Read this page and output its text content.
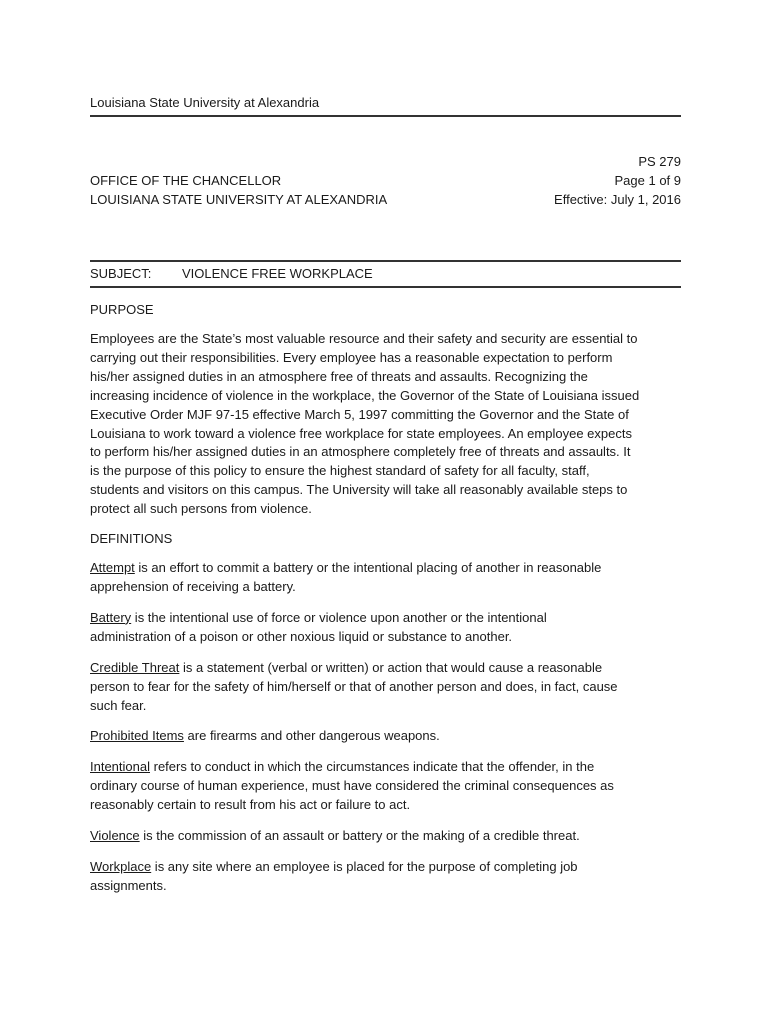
Louisiana State University at Alexandria
OFFICE OF THE CHANCELLOR
LOUISIANA STATE UNIVERSITY AT ALEXANDRIA
PS 279
Page 1 of 9
Effective: July 1, 2016
SUBJECT:	VIOLENCE FREE WORKPLACE
PURPOSE
Employees are the State’s most valuable resource and their safety and security are essential to
carrying out their responsibilities. Every employee has a reasonable expectation to perform
his/her assigned duties in an atmosphere free of threats and assaults. Recognizing the
increasing incidence of violence in the workplace, the Governor of the State of Louisiana issued
Executive Order MJF 97-15 effective March 5, 1997 committing the Governor and the State of
Louisiana to work toward a violence free workplace for state employees. An employee expects
to perform his/her assigned duties in an atmosphere completely free of threats and assaults. It
is the purpose of this policy to ensure the highest standard of safety for all faculty, staff,
students and visitors on this campus. The University will take all reasonably available steps to
protect all such persons from violence.
DEFINITIONS
Attempt is an effort to commit a battery or the intentional placing of another in reasonable
apprehension of receiving a battery.
Battery is the intentional use of force or violence upon another or the intentional
administration of a poison or other noxious liquid or substance to another.
Credible Threat is a statement (verbal or written) or action that would cause a reasonable
person to fear for the safety of him/herself or that of another person and does, in fact, cause
such fear.
Prohibited Items are firearms and other dangerous weapons.
Intentional refers to conduct in which the circumstances indicate that the offender, in the
ordinary course of human experience, must have considered the criminal consequences as
reasonably certain to result from his act or failure to act.
Violence is the commission of an assault or battery or the making of a credible threat.
Workplace is any site where an employee is placed for the purpose of completing job
assignments.
